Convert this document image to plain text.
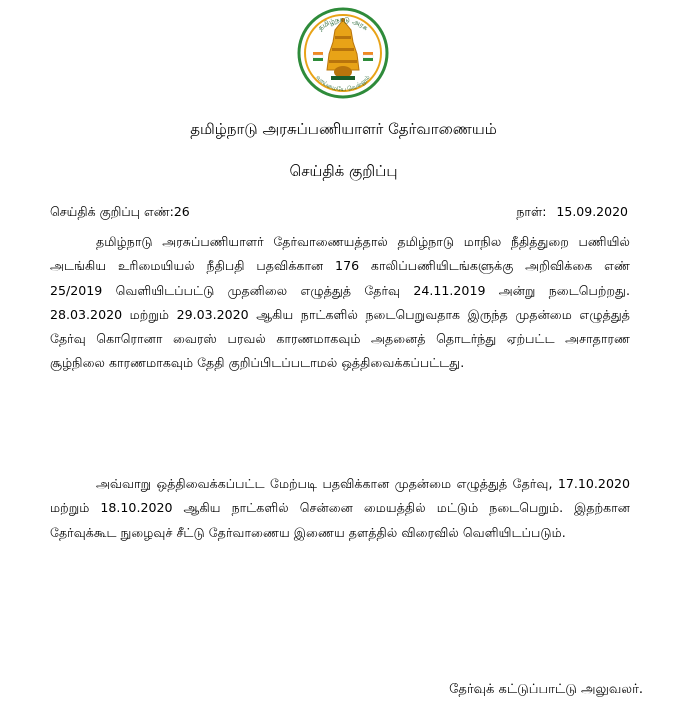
தமிழ்நாடு அரசு
வாய்மையே வெல்லும்
தமிழ்நாடு அரசுப்பணியாளர் தேர்வாணையம்
செய்திக் குறிப்பு
செய்திக் குறிப்பு எண்:26	நாள்: 15.09.2020

தமிழ்நாடு அரசுப்பணியாளர் தேர்வாணையத்தால் தமிழ்நாடு மாநில நீதித்துறை பணியில் அடங்கிய உரிமையியல் நீதிபதி பதவிக்கான 176 காலிப்பணியிடங்களுக்கு அறிவிக்கை எண் 25/2019 வெளியிடப்பட்டு முதனிலை எழுத்துத் தேர்வு 24.11.2019 அன்று நடைபெற்றது. 28.03.2020 மற்றும் 29.03.2020 ஆகிய நாட்களில் நடைபெறுவதாக இருந்த முதன்மை எழுத்துத் தேர்வு கொரொனா வைரஸ் பரவல் காரணமாகவும் அதனைத் தொடர்ந்து ஏற்பட்ட அசாதாரண சூழ்நிலை காரணமாகவும் தேதி குறிப்பிடப்படாமல் ஒத்திவைக்கப்பட்டது.

அவ்வாறு ஒத்திவைக்கப்பட்ட மேற்படி பதவிக்கான முதன்மை எழுத்துத் தேர்வு, 17.10.2020 மற்றும் 18.10.2020 ஆகிய நாட்களில் சென்னை மையத்தில் மட்டும் நடைபெறும். இதற்கான தேர்வுக்கூட நுழைவுச் சீட்டு தேர்வாணைய இணைய தளத்தில் விரைவில் வெளியிடப்படும்.

தேர்வுக் கட்டுப்பாட்டு அலுவலர்.
